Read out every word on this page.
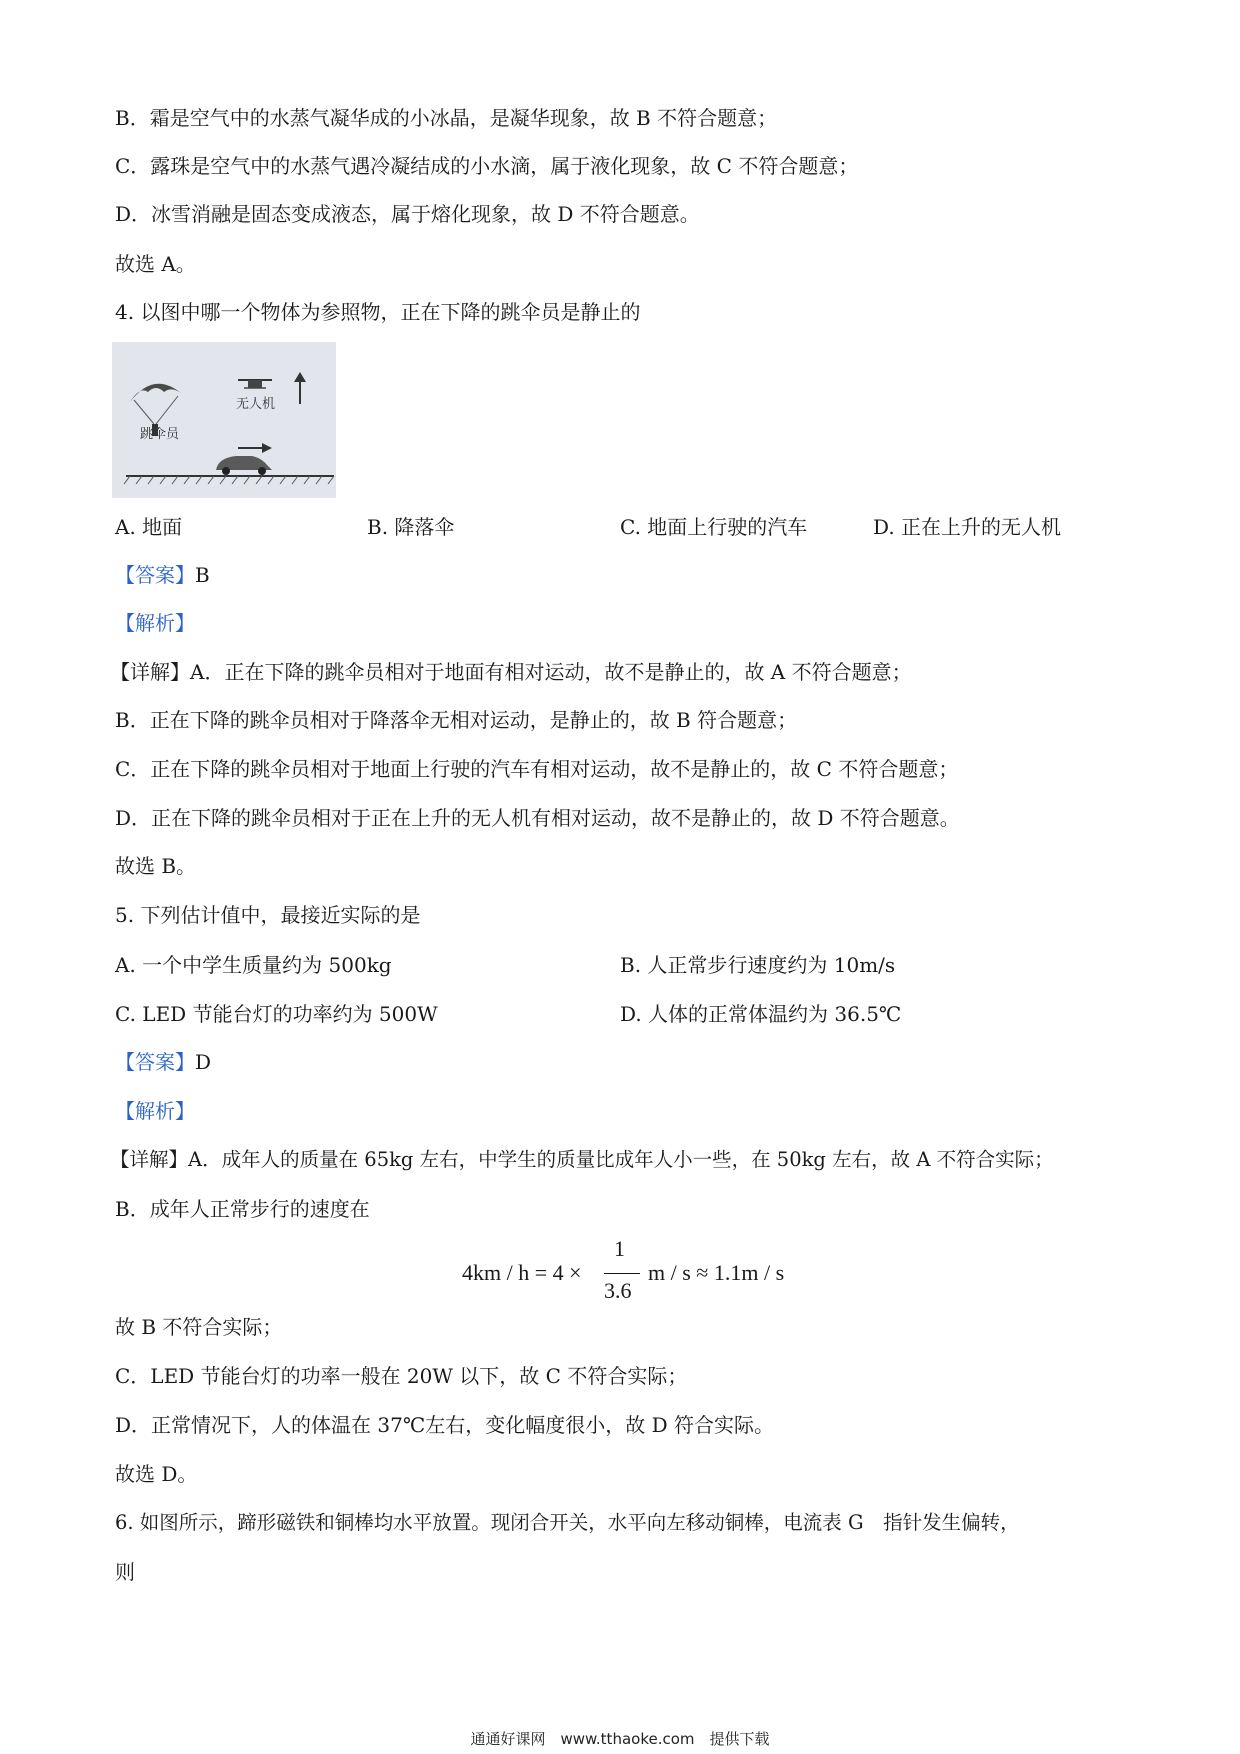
B．霜是空气中的水蒸气凝华成的小冰晶，是凝华现象，故 B 不符合题意；
C．露珠是空气中的水蒸气遇冷凝结成的小水滴，属于液化现象，故 C 不符合题意；
D．冰雪消融是固态变成液态，属于熔化现象，故 D 不符合题意。
故选 A。
4. 以图中哪一个物体为参照物，正在下降的跳伞员是静止的
跳伞员
无人机
A. 地面	B. 降落伞	C. 地面上行驶的汽车	D. 正在上升的无人机
【答案】B
【解析】
【详解】A．正在下降的跳伞员相对于地面有相对运动，故不是静止的，故 A 不符合题意；
B．正在下降的跳伞员相对于降落伞无相对运动，是静止的，故 B 符合题意；
C．正在下降的跳伞员相对于地面上行驶的汽车有相对运动，故不是静止的，故 C 不符合题意；
D．正在下降的跳伞员相对于正在上升的无人机有相对运动，故不是静止的，故 D 不符合题意。
故选 B。
5. 下列估计值中，最接近实际的是
A. 一个中学生质量约为 500kg	B. 人正常步行速度约为 10m/s
C. LED 节能台灯的功率约为 500W	D. 人体的正常体温约为 36.5℃
【答案】D
【解析】
【详解】A．成年人的质量在 65kg 左右，中学生的质量比成年人小一些，在 50kg 左右，故 A 不符合实际；
B．成年人正常步行的速度在
4km / h = 4 ×
1
3.6
m / s ≈ 1.1m / s
故 B 不符合实际；
C．LED 节能台灯的功率一般在 20W 以下，故 C 不符合实际；
D．正常情况下，人的体温在 37℃左右，变化幅度很小，故 D 符合实际。
故选 D。
6. 如图所示，蹄形磁铁和铜棒均水平放置。现闭合开关，水平向左移动铜棒，电流表 G　指针发生偏转，
则
通通好课网　www.tthaoke.com　提供下载
